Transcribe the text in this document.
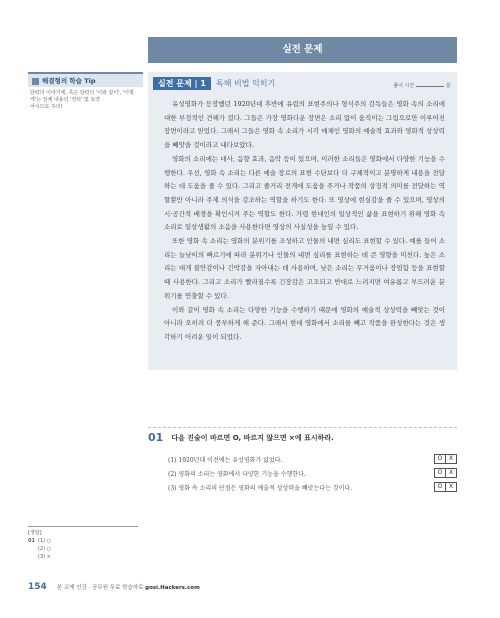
실전 문제
해결형의 학습 Tip
단락의 이야기에, 혹은 단락의 '이와 같이', '이렇게'는 전체 내용의 '정리' 및 요약
어이므로 주의!
실전 문제 | 1	독해 비법 익히기	풀이 시간	분

유성영화가 등장했던 1920년대 후반에 유럽의 표현주의나 형식주의 감독들은 영화 속의 소리에 대한 부정적인 견해가 컸다. 그들은 가장 영화다운 장면은 소리 없이 움직이는 그림으로만 이루어진 장면이라고 믿었다. 그래서 그들은 영화 속 소리가 시각 매체인 영화의 예술적 효과와 영화적 상상력을 빼앗을 것이라고 내다보았다.

영화의 소리에는 대사, 음향 효과, 음악 등이 있으며, 이러한 소리들은 영화에서 다양한 기능을 수행한다. 우선, 영화 속 소리는 다른 예술 장르의 표현 수단보다 더 구체적이고 분명하게 내용을 전달하는 데 도움을 줄 수 있다. 그리고 줄거리 전개에 도움을 주거나 작품의 상징적 의미를 전달하는 역할뿐만 아니라 주제 의식을 강조하는 역할을 하기도 한다. 또 영상에 현실감을 줄 수 있으며, 영상의 시·공간적 배경을 확인시켜 주는 역할도 한다. 가령 현대인의 일상적인 삶을 표현하기 위해 영화 속 소리로 일상생활의 소음을 사용한다면 영상의 사실성을 높일 수 있다.

또한 영화 속 소리는 영화의 분위기를 조성하고 인물의 내면 심리도 표현할 수 있다. 예를 들어 소리는 늘낮이의 빠르기에 따라 분위기나 인물의 내면 심리를 표현하는 데 큰 영향을 미친다. 높은 소리는 대개 불안감이나 긴박감을 자아내는 데 사용하며, 낮은 소리는 무거움이나 장엄함 등을 표현할 때 사용한다. 그리고 소리가 빨라질수록 긴장감은 고조되고 반대로 느려지면 여유롭고 부드러운 분위기를 연출할 수 있다.

이와 같이 영화 속 소리는 다양한 기능을 수행하기 때문에 영화의 예술적 상상력을 빼앗는 것이 아니라 오히려 더 풍부하게 해 준다. 그래서 현대 영화에서 소리를 빼고 작품을 완성한다는 것은 생각하기 어려운 일이 되었다.

01 다음 진술이 바르면 O, 바르지 않으면 ×에 표시하라.
(1) 1920년대 이전에는 유성영화가 없었다.	O	X
(2) 영화의 소리는 영화에서 다양한 기능을 수행한다.	O	X
(3) 영화 속 소리의 단점은 영화의 예술적 상상력을 빼앗는다는 것이다.	O	X
[정답]
01 (1) ○
(2) ○
(3) ×
154 본 교재 인강 · 공무원 무료 학습자료 gosi.Hackers.com
